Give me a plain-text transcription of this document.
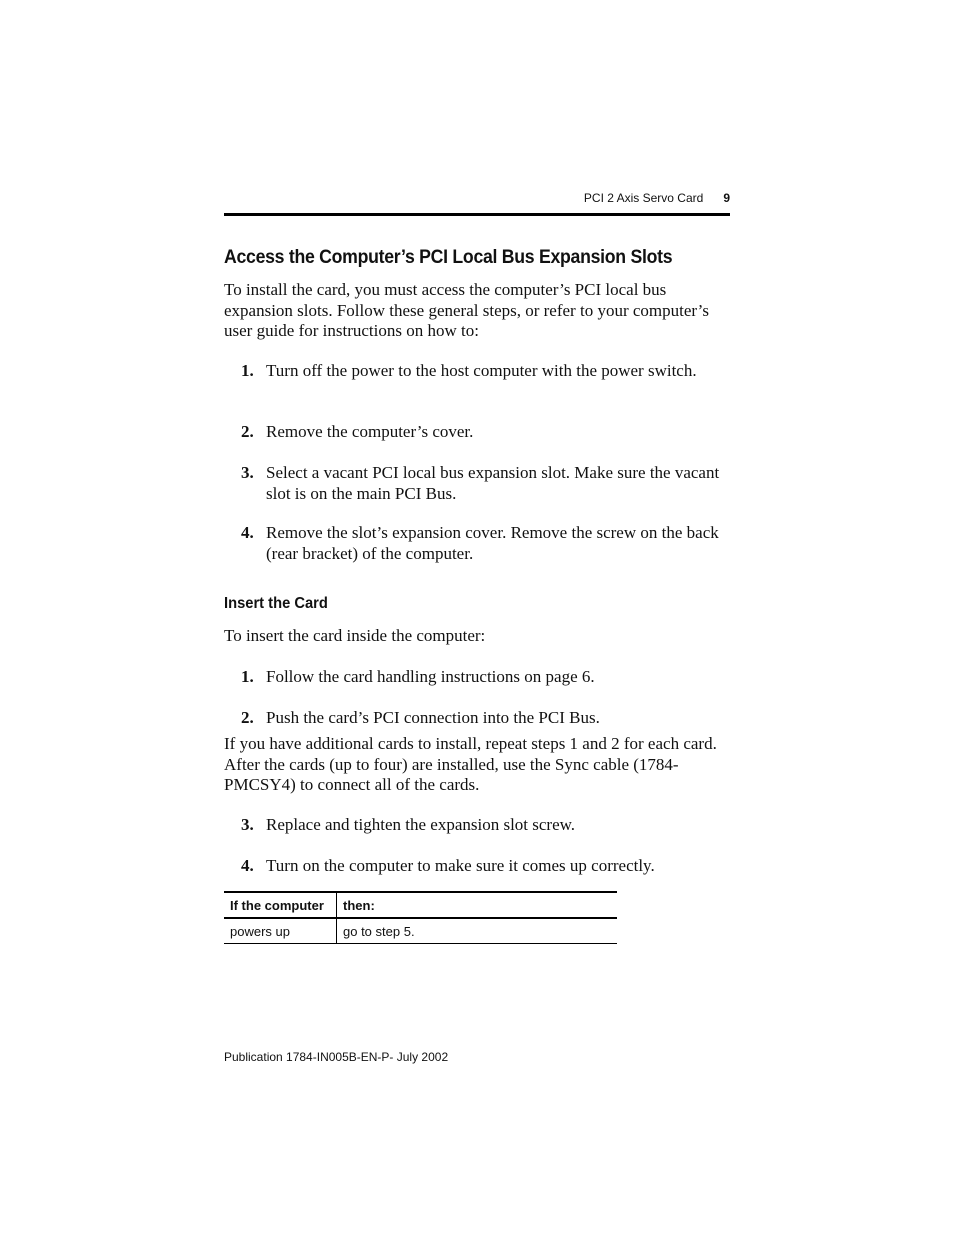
PCI 2 Axis Servo Card 9
Access the Computer’s PCI Local Bus Expansion Slots

To install the card, you must access the computer’s PCI local bus expansion slots. Follow these general steps, or refer to your computer’s user guide for instructions on how to:

1. Turn off the power to the host computer with the power switch.
2. Remove the computer’s cover.
3. Select a vacant PCI local bus expansion slot. Make sure the vacant slot is on the main PCI Bus.
4. Remove the slot’s expansion cover. Remove the screw on the back (rear bracket) of the computer.
Insert the Card

To insert the card inside the computer:

1. Follow the card handling instructions on page 6.
2. Push the card’s PCI connection into the PCI Bus.

If you have additional cards to install, repeat steps 1 and 2 for each card. After the cards (up to four) are installed, use the Sync cable (1784-PMCSY4) to connect all of the cards.

3. Replace and tighten the expansion slot screw.
4. Turn on the computer to make sure it comes up correctly.
If the computer	then:
powers up	go to step 5.
Publication 1784-IN005B-EN-P- July 2002
